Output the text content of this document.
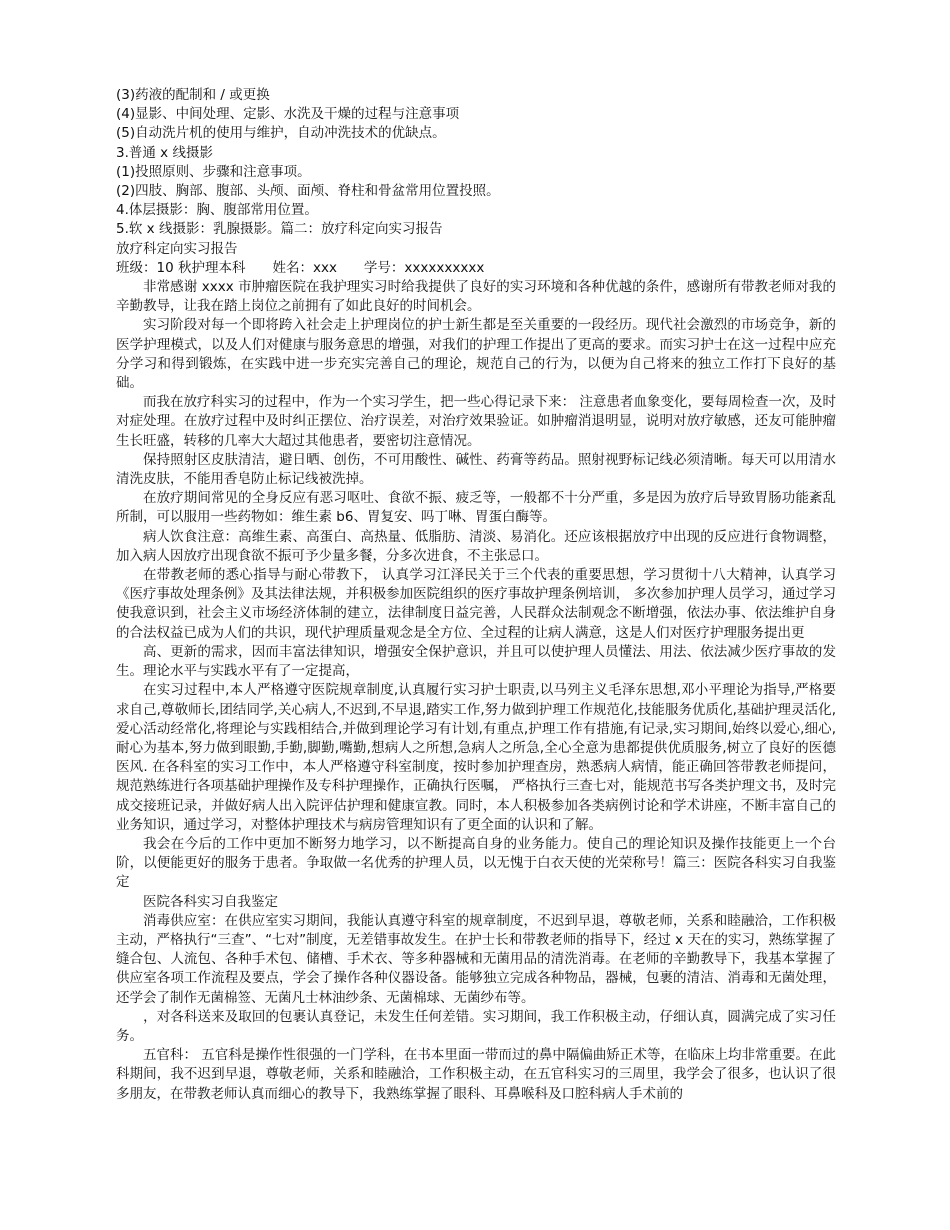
(3)药液的配制和 / 或更换
(4)显影、中间处理、定影、水洗及干燥的过程与注意事项
(5)自动洗片机的使用与维护，自动冲洗技术的优缺点。
3.普通 x 线摄影
(1)投照原则、步骤和注意事项。
(2)四肢、胸部、腹部、头颅、面颅、脊柱和骨盆常用位置投照。
4.体层摄影：胸、腹部常用位置。
5.软 x 线摄影：乳腺摄影。篇二：放疗科定向实习报告
放疗科定向实习报告
班级：10 秋护理本科　　姓名：xxx　　学号：xxxxxxxxxx
非常感谢 xxxx 市肿瘤医院在我护理实习时给我提供了良好的实习环境和各种优越的条件，感谢所有带教老师对我的辛勤教导，让我在踏上岗位之前拥有了如此良好的时间机会。
实习阶段对每一个即将跨入社会走上护理岗位的护士新生都是至关重要的一段经历。现代社会激烈的市场竞争，新的医学护理模式，以及人们对健康与服务意思的增强，对我们的护理工作提出了更高的要求。而实习护士在这一过程中应充分学习和得到锻炼，在实践中进一步充实完善自己的理论，规范自己的行为，以便为自己将来的独立工作打下良好的基础。
而我在放疗科实习的过程中，作为一个实习学生，把一些心得记录下来： 注意患者血象变化，要每周检查一次，及时对症处理。在放疗过程中及时纠正摆位、治疗误差，对治疗效果验证。如肿瘤消退明显，说明对放疗敏感，还友可能肿瘤生长旺盛，转移的几率大大超过其他患者，要密切注意情况。
保持照射区皮肤清洁，避日晒、创伤，不可用酸性、碱性、药膏等药品。照射视野标记线必须清晰。每天可以用清水清洗皮肤，不能用香皂防止标记线被洗掉。
在放疗期间常见的全身反应有恶习呕吐、食欲不振、疲乏等，一般都不十分严重，多是因为放疗后导致胃肠功能紊乱所制，可以服用一些药物如：维生素 b6、胃复安、吗丁啉、胃蛋白酶等。
病人饮食注意：高维生素、高蛋白、高热量、低脂肪、清淡、易消化。还应该根据放疗中出现的反应进行食物调整，加入病人因放疗出现食欲不振可予少量多餐，分多次进食，不主张忌口。
在带教老师的悉心指导与耐心带教下， 认真学习江泽民关于三个代表的重要思想，学习贯彻十八大精神，认真学习《医疗事故处理条例》及其法律法规，并积极参加医院组织的医疗事故护理条例培训， 多次参加护理人员学习，通过学习使我意识到，社会主义市场经济体制的建立，法律制度日益完善，人民群众法制观念不断增强，依法办事、依法维护自身的合法权益已成为人们的共识，现代护理质量观念是全方位、全过程的让病人满意，这是人们对医疗护理服务提出更
高、更新的需求，因而丰富法律知识，增强安全保护意识，并且可以使护理人员懂法、用法、依法减少医疗事故的发生。理论水平与实践水平有了一定提高，
在实习过程中,本人严格遵守医院规章制度,认真履行实习护士职责,以马列主义毛泽东思想,邓小平理论为指导,严格要求自己,尊敬师长,团结同学,关心病人,不迟到,不早退,踏实工作,努力做到护理工作规范化,技能服务优质化,基础护理灵活化,爱心活动经常化,将理论与实践相结合,并做到理论学习有计划,有重点,护理工作有措施,有记录,实习期间,始终以爱心,细心,耐心为基本,努力做到眼勤,手勤,脚勤,嘴勤,想病人之所想,急病人之所急,全心全意为患都提供优质服务,树立了良好的医德医风. 在各科室的实习工作中，本人严格遵守科室制度，按时参加护理查房，熟悉病人病情，能正确回答带教老师提问，规范熟练进行各项基础护理操作及专科护理操作，正确执行医嘱， 严格执行三查七对，能规范书写各类护理文书，及时完成交接班记录，并做好病人出入院评估护理和健康宣教。同时，本人积极参加各类病例讨论和学术讲座，不断丰富自己的业务知识，通过学习，对整体护理技术与病房管理知识有了更全面的认识和了解。
我会在今后的工作中更加不断努力地学习，以不断提高自身的业务能力。使自己的理论知识及操作技能更上一个台阶，以便能更好的服务于患者。争取做一名优秀的护理人员，以无愧于白衣天使的光荣称号！篇三：医院各科实习自我鉴定
医院各科实习自我鉴定
消毒供应室：在供应室实习期间，我能认真遵守科室的规章制度，不迟到早退，尊敬老师，关系和睦融洽，工作积极主动，严格执行“三查”、“七对”制度，无差错事故发生。在护士长和带教老师的指导下，经过 x 天在的实习，熟练掌握了缝合包、人流包、各种手术包、储槽、手术衣、等多种器械和无菌用品的清洗消毒。在老师的辛勤教导下，我基本掌握了供应室各项工作流程及要点，学会了操作各种仪器设备。能够独立完成各种物品，器械，包裹的清洁、消毒和无菌处理，还学会了制作无菌棉签、无菌凡士林油纱条、无菌棉球、无菌纱布等。
　　，对各科送来及取回的包裹认真登记，未发生任何差错。实习期间，我工作积极主动，仔细认真，圆满完成了实习任务。
五官科： 五官科是操作性很强的一门学科，在书本里面一带而过的鼻中隔偏曲矫正术等，在临床上均非常重要。在此科期间，我不迟到早退，尊敬老师，关系和睦融洽，工作积极主动，在五官科实习的三周里，我学会了很多，也认识了很多朋友，在带教老师认真而细心的教导下，我熟练掌握了眼科、耳鼻喉科及口腔科病人手术前的
